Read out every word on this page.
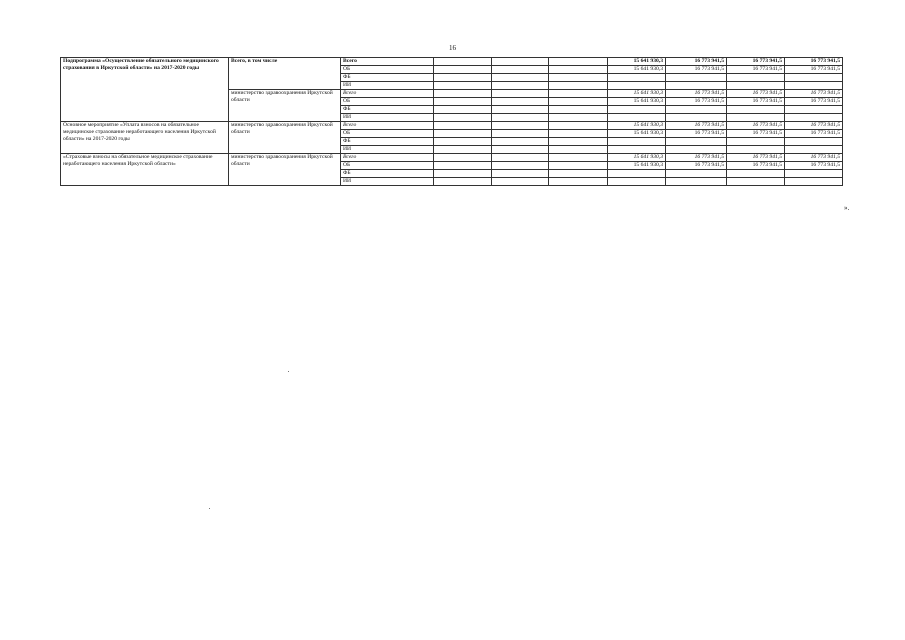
16
Подпрограмма «Осуществление обязательного медицинского страхования в Иркутской области» на 2017-2020 годы	Всего, в том числе	Всего				15 641 930,3	16 773 941,5	16 773 941,5	16 773 941,5
		ОБ				15 641 930,3	16 773 941,5	16 773 941,5	16 773 941,5
		ФБ							
		ИИ							
	министерство здравоохранения Иркутской области	Всего				15 641 930,3	16 773 941,5	16 773 941,5	16 773 941,5
		ОБ				15 641 930,3	16 773 941,5	16 773 941,5	16 773 941,5
		ФБ							
		ИИ							
Основное мероприятие «Уплата взносов на обязательное медицинское страхование неработающего населения Иркутской области» на 2017-2020 годы	министерство здравоохранения Иркутской области	Всего				15 641 930,3	16 773 941,5	16 773 941,5	16 773 941,5
		ОБ				15 641 930,3	16 773 941,5	16 773 941,5	16 773 941,5
		ФБ							
		ИИ							
«Страховые взносы на обязательное медицинское страхование неработающего населения Иркутской области»	министерство здравоохранения Иркутской области	Всего				15 641 930,3	16 773 941,5	16 773 941,5	16 773 941,5
		ОБ				15 641 930,3	16 773 941,5	16 773 941,5	16 773 941,5
		ФБ							
		ИИ							
».
